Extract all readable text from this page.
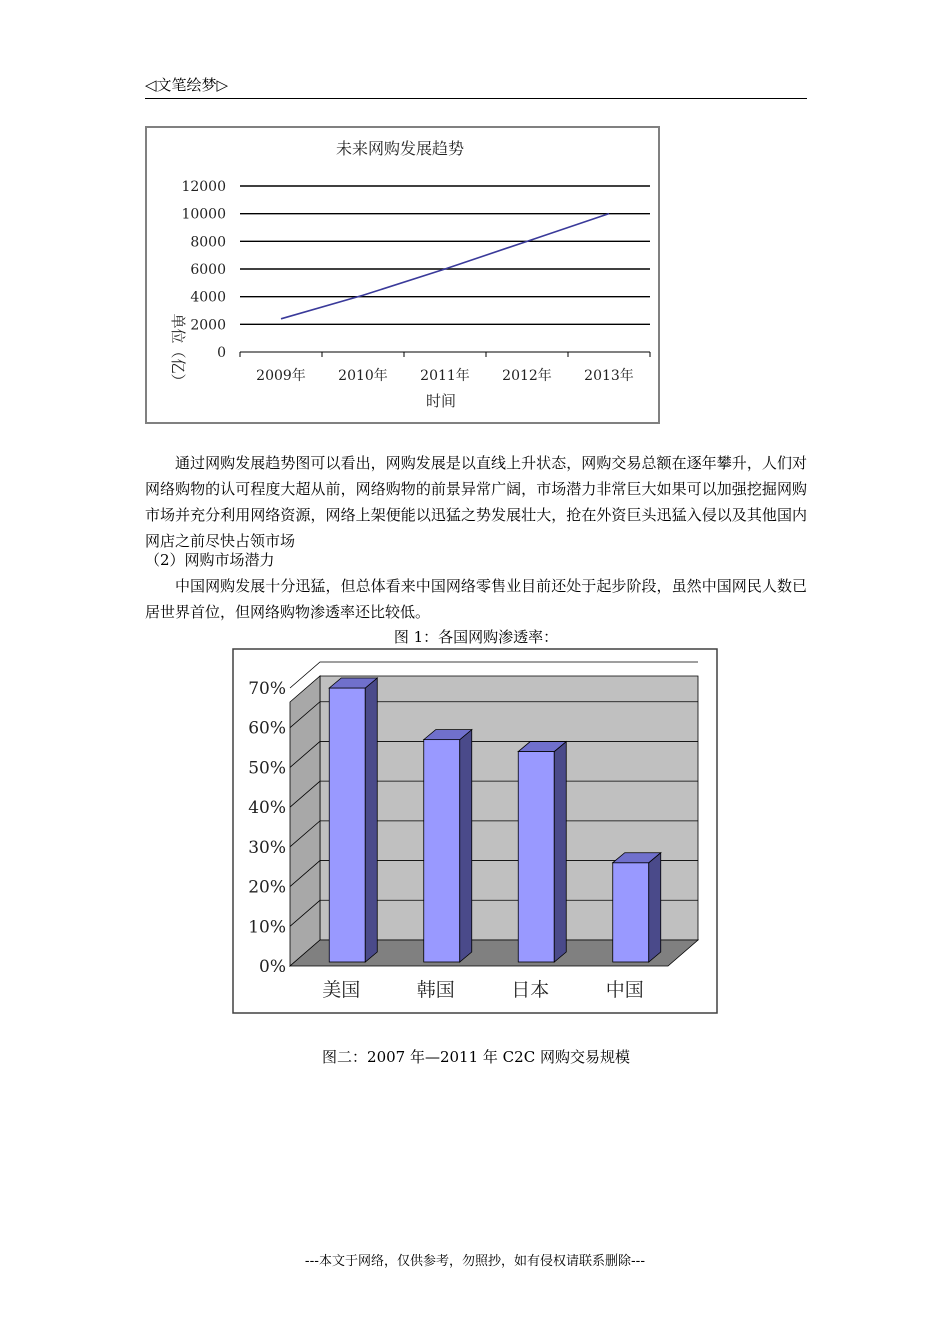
◁文笔绘梦▷
未来网购发展趋势
0
2000
4000
6000
8000
10000
12000
2009年 2010年 2011年 2012年 2013年
单位（亿）
时间

通过网购发展趋势图可以看出，网购发展是以直线上升状态，网购交易总额在逐年攀升，人们对网络购物的认可程度大超从前，网络购物的前景异常广阔，市场潜力非常巨大如果可以加强挖掘网购市场并充分利用网络资源，网络上架便能以迅猛之势发展壮大，抢在外资巨头迅猛入侵以及其他国内网店之前尽快占领市场

（2）网购市场潜力

中国网购发展十分迅猛，但总体看来中国网络零售业目前还处于起步阶段，虽然中国网民人数已居世界首位，但网络购物渗透率还比较低。

图 1：各国网购渗透率：
0%
10%
20%
30%
40%
50%
60%
70%
美国	韩国	日本	中国
图二：2007 年—2011 年 C2C 网购交易规模
---本文于网络，仅供参考，勿照抄，如有侵权请联系删除---
